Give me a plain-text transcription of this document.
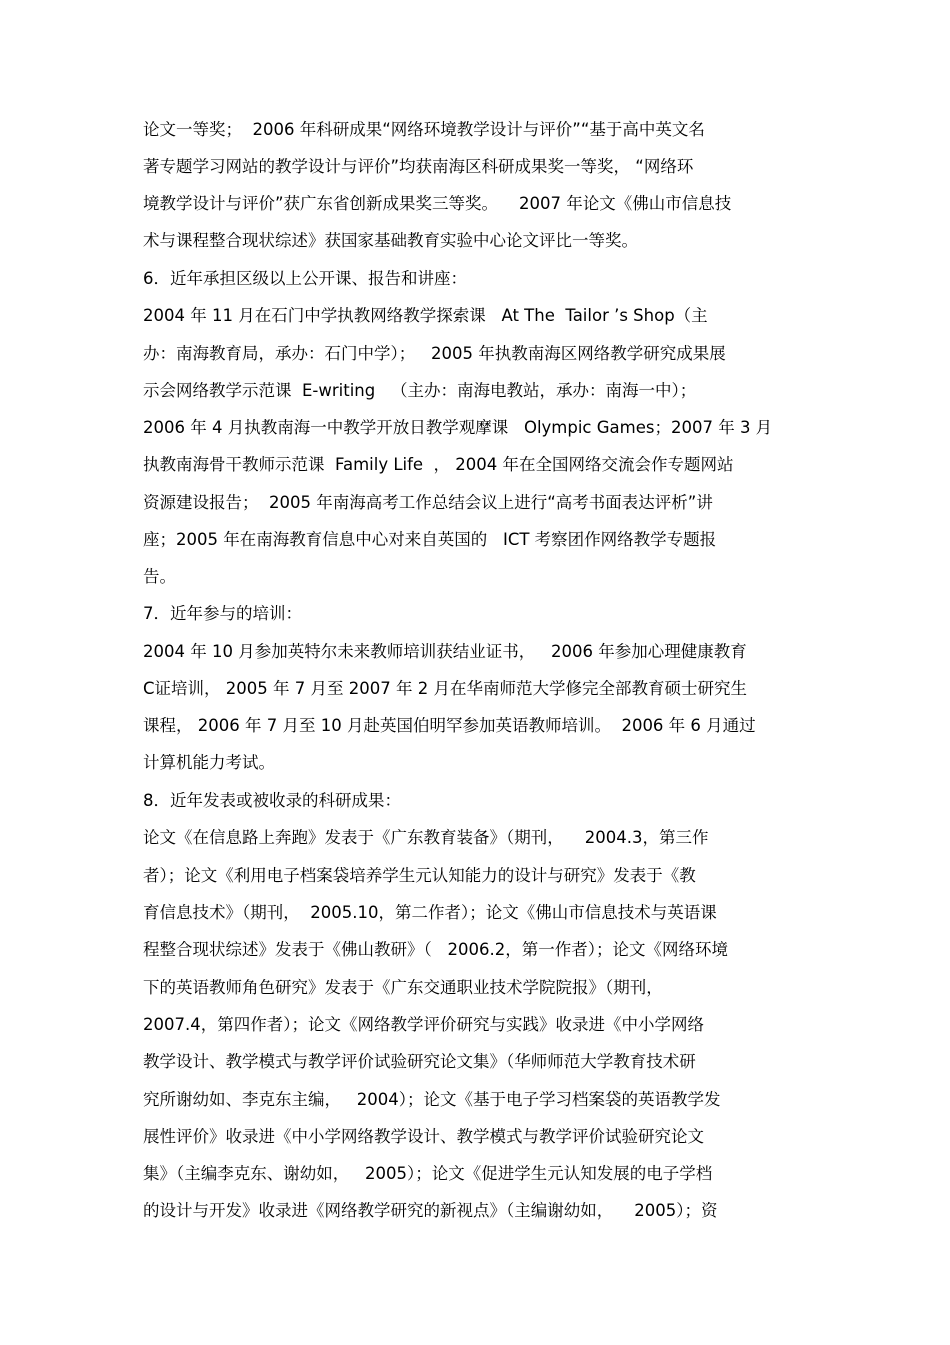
论文一等奖；  2006 年科研成果“网络环境教学设计与评价”“基于高中英文名

著专题学习网站的教学设计与评价”均获南海区科研成果奖一等奖， “网络环

境教学设计与评价”获广东省创新成果奖三等奖。    2007 年论文《佛山市信息技

术与课程整合现状综述》获国家基础教育实验中心论文评比一等奖。

6．近年承担区级以上公开课、报告和讲座：

2004 年 11 月在石门中学执教网络教学探索课   At The  Tailor ’s Shop（主

办：南海教育局，承办：石门中学）；   2005 年执教南海区网络教学研究成果展

示会网络教学示范课  E-writing   （主办：南海电教站，承办：南海一中）；

2006 年 4 月执教南海一中教学开放日教学观摩课   Olympic Games；2007 年 3 月

执教南海骨干教师示范课  Family Life  ， 2004 年在全国网络交流会作专题网站

资源建设报告；  2005 年南海高考工作总结会议上进行“高考书面表达评析”讲

座；2005 年在南海教育信息中心对来自英国的   ICT 考察团作网络教学专题报

告。

7．近年参与的培训：

2004 年 10 月参加英特尔未来教师培训获结业证书，   2006 年参加心理健康教育

C证培训， 2005 年 7 月至 2007 年 2 月在华南师范大学修完全部教育硕士研究生

课程， 2006 年 7 月至 10 月赴英国伯明罕参加英语教师培训。  2006 年 6 月通过

计算机能力考试。

8．近年发表或被收录的科研成果：

论文《在信息路上奔跑》发表于《广东教育装备》（期刊，    2004.3，第三作

者）；论文《利用电子档案袋培养学生元认知能力的设计与研究》发表于《教

育信息技术》（期刊，  2005.10，第二作者）；论文《佛山市信息技术与英语课

程整合现状综述》发表于《佛山教研》（   2006.2，第一作者）；论文《网络环境

下的英语教师角色研究》发表于《广东交通职业技术学院院报》（期刊，

2007.4，第四作者）；论文《网络教学评价研究与实践》收录进《中小学网络

教学设计、教学模式与教学评价试验研究论文集》（华师师范大学教育技术研

究所谢幼如、李克东主编，   2004）；论文《基于电子学习档案袋的英语教学发

展性评价》收录进《中小学网络教学设计、教学模式与教学评价试验研究论文

集》（主编李克东、谢幼如，   2005）；论文《促进学生元认知发展的电子学档

的设计与开发》收录进《网络教学研究的新视点》（主编谢幼如，    2005）；资
